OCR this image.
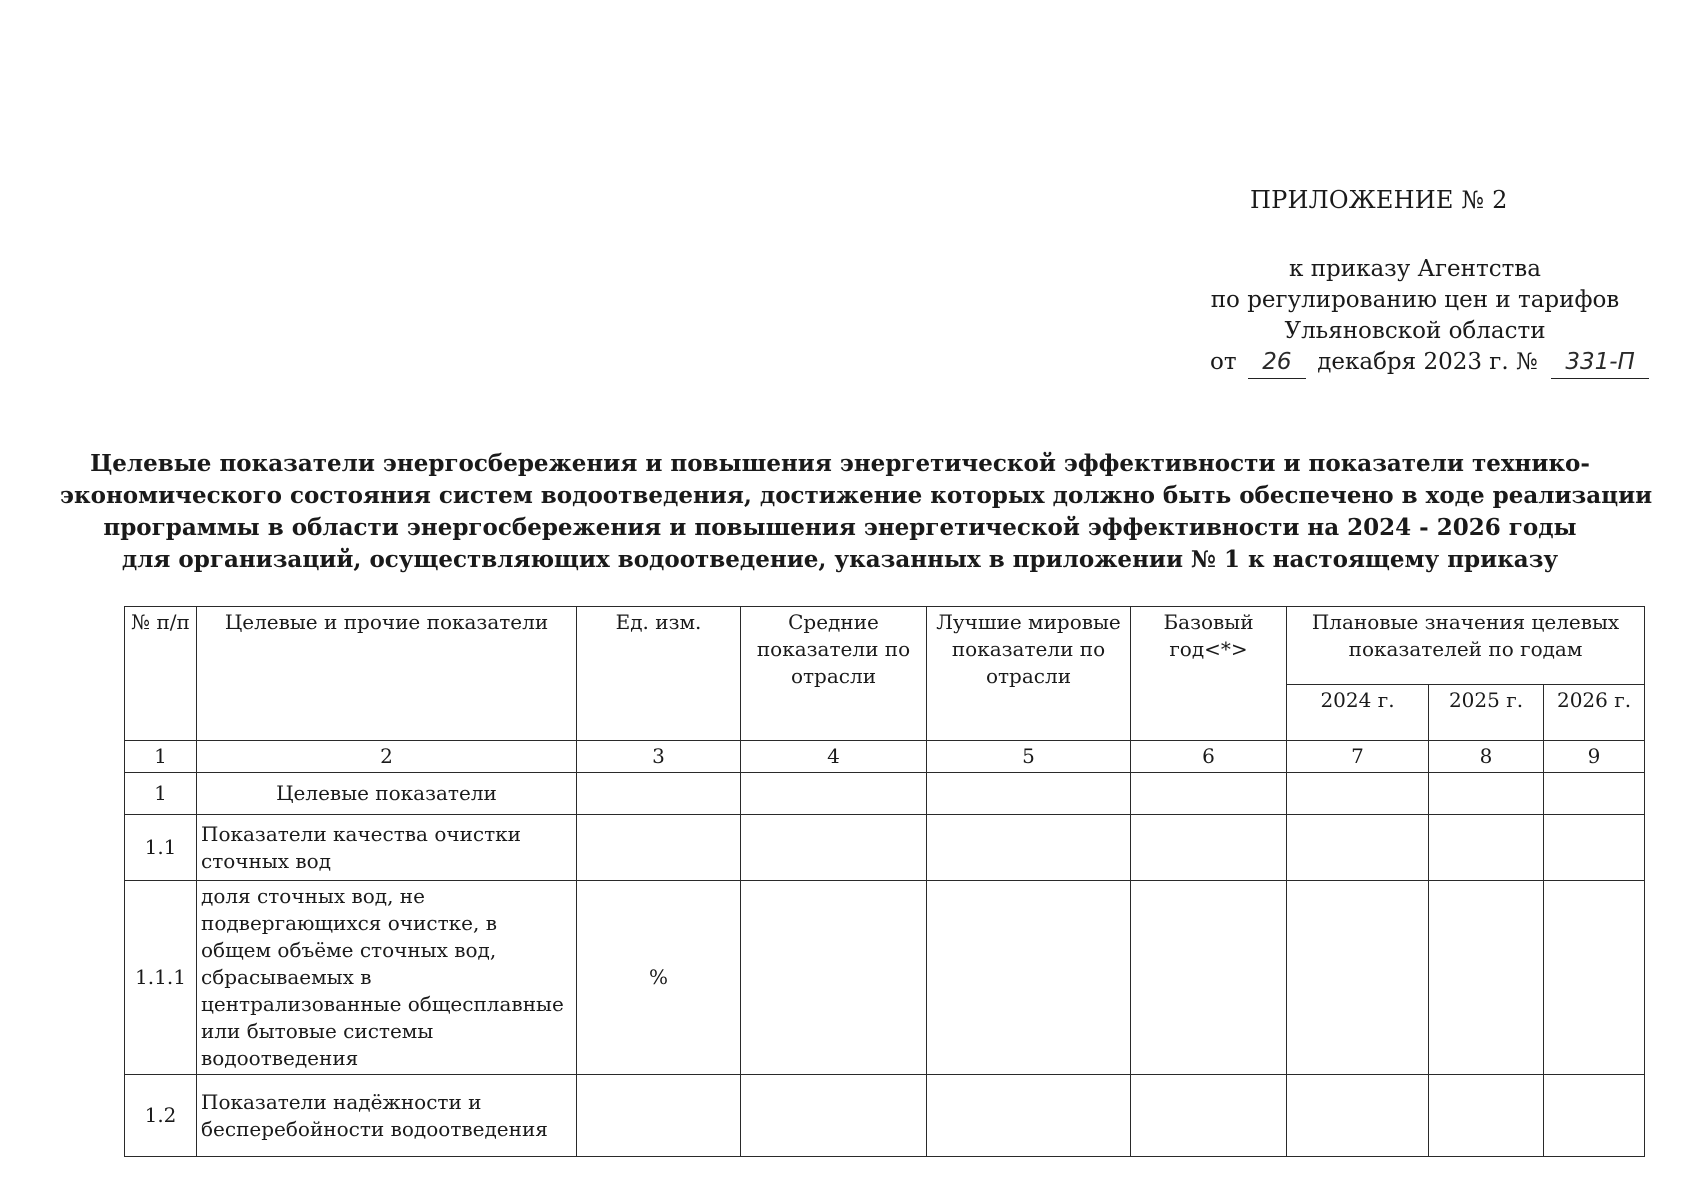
ПРИЛОЖЕНИЕ № 2
к приказу Агентства
по регулированию цен и тарифов
Ульяновской области
от 26 декабря 2023 г. № 331-П
Целевые показатели энергосбережения и повышения энергетической эффективности и показатели технико-
экономического состояния систем водоотведения, достижение которых должно быть обеспечено в ходе реализации
программы в области энергосбережения и повышения энергетической эффективности на 2024 - 2026 годы
для организаций, осуществляющих водоотведение, указанных в приложении № 1 к настоящему приказу
№ п/п	Целевые и прочие показатели	Ед. изм.	Средние показатели по отрасли	Лучшие мировые показатели по отрасли	Базовый год<*>	Плановые значения целевых показателей по годам		
						2024 г.	2025 г.	2026 г.
1	2	3	4	5	6	7	8	9
1	Целевые показатели							
1.1	Показатели качества очистки сточных вод							
1.1.1	доля сточных вод, не подвергающихся очистке, в общем объёме сточных вод, сбрасываемых в централизованные общесплавные или бытовые системы водоотведения	%						
1.2	Показатели надёжности и бесперебойности водоотведения							
